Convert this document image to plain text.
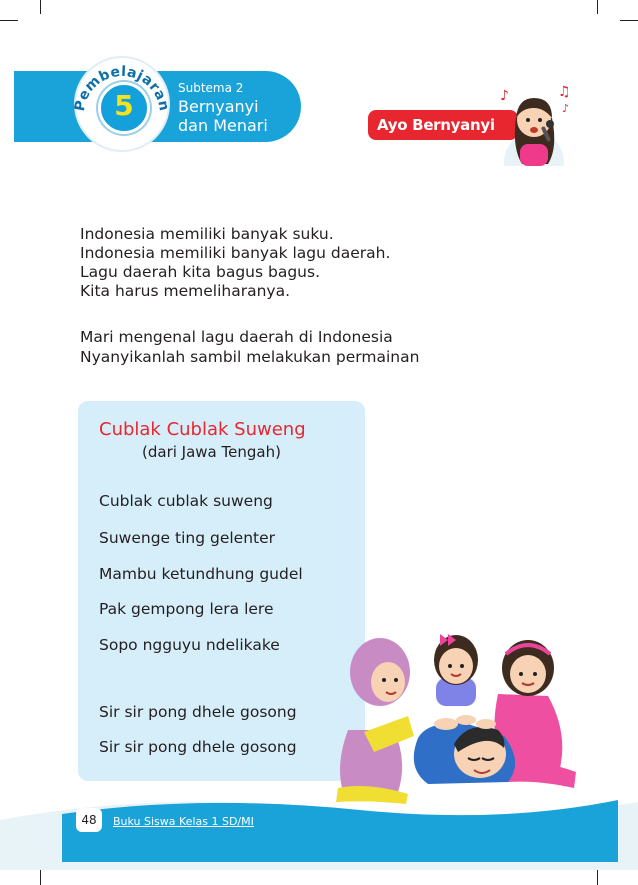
Pembelajaran
5
Subtema 2
Bernyanyi
dan Menari	Ayo Bernyanyi
♪	♫
♪
Indonesia memiliki banyak suku.
Indonesia memiliki banyak lagu daerah.
Lagu daerah kita bagus bagus.
Kita harus memeliharanya.
Mari mengenal lagu daerah di Indonesia
Nyanyikanlah sambil melakukan permainan
Cublak Cublak Suweng
(dari Jawa Tengah)
Cublak cublak suweng
Suwenge ting gelenter
Mambu ketundhung gudel
Pak gempong lera lere
Sopo ngguyu ndelikake
Sir sir pong dhele gosong
Sir sir pong dhele gosong
48	Buku Siswa Kelas 1 SD/MI
